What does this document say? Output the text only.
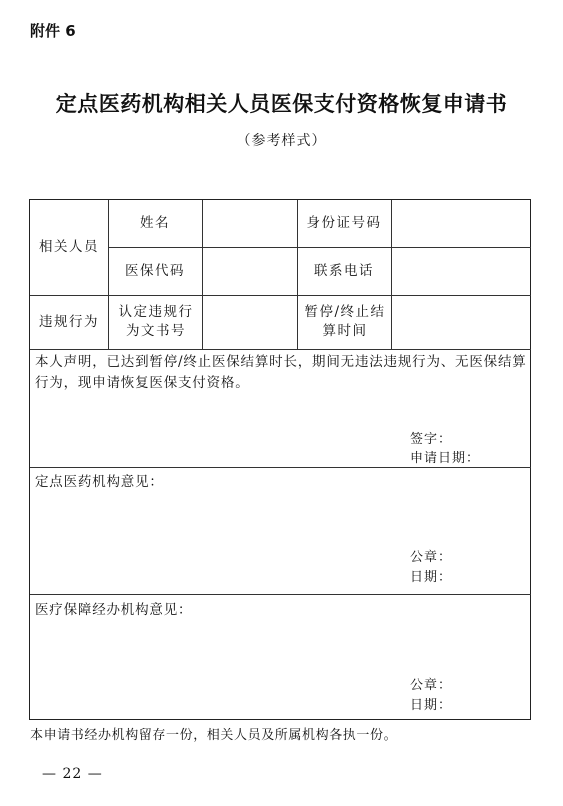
附件 6
定点医药机构相关人员医保支付资格恢复申请书
（参考样式）
相关人员
姓名	身份证号码
医保代码	联系电话
违规行为
认定违规行为文书号
暂停/终止结算时间
本人声明，已达到暂停/终止医保结算时长，期间无违法违规行为、无医保结算行为，现申请恢复医保支付资格。
签字：
申请日期：
定点医药机构意见：
公章：
日期：
医疗保障经办机构意见：
公章：
日期：
本申请书经办机构留存一份，相关人员及所属机构各执一份。
— 22 —
